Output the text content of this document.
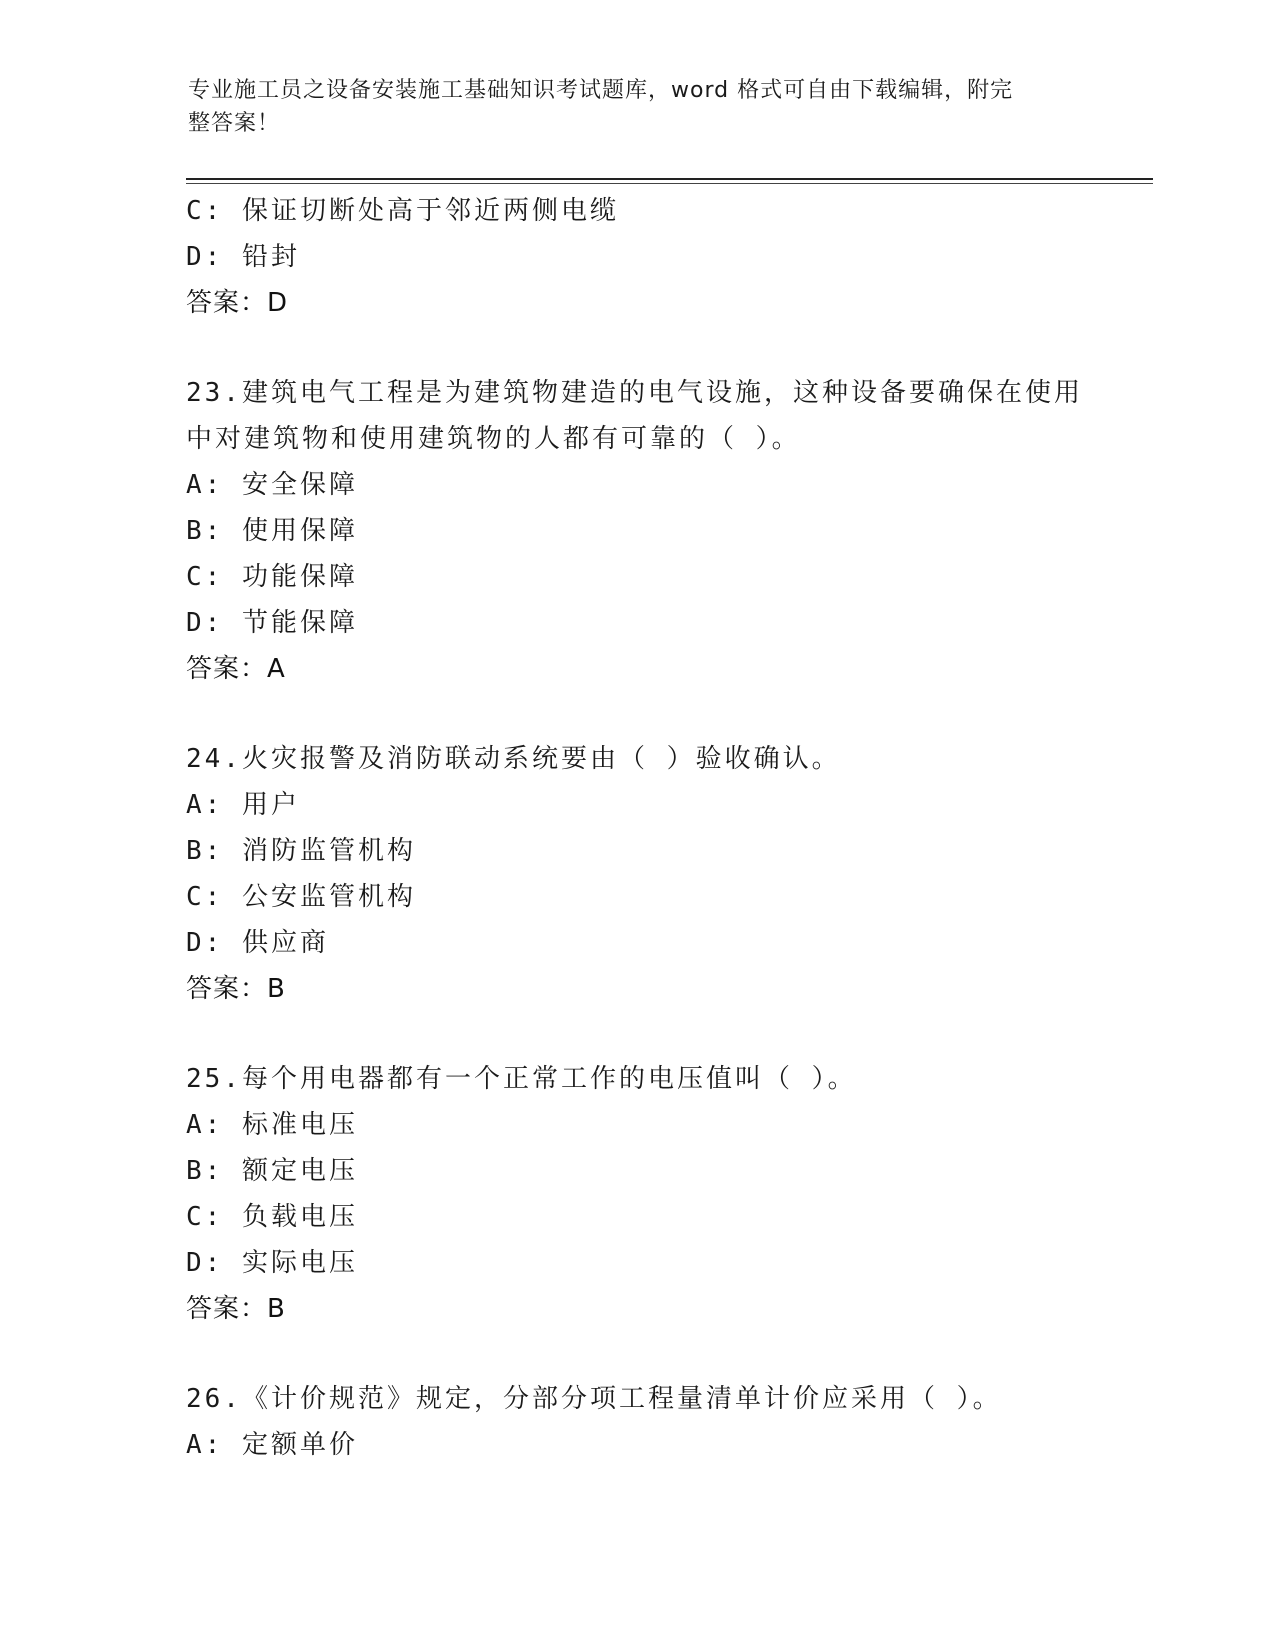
专业施工员之设备安装施工基础知识考试题库，word 格式可自由下载编辑，附完
整答案！
C: 保证切断处高于邻近两侧电缆
D: 铅封
答案：D
23.建筑电气工程是为建筑物建造的电气设施，这种设备要确保在使用
中对建筑物和使用建筑物的人都有可靠的（ ）。
A: 安全保障
B: 使用保障
C: 功能保障
D: 节能保障
答案：A
24.火灾报警及消防联动系统要由（ ）验收确认。
A: 用户
B: 消防监管机构
C: 公安监管机构
D: 供应商
答案：B
25.每个用电器都有一个正常工作的电压值叫（ ）。
A: 标准电压
B: 额定电压
C: 负载电压
D: 实际电压
答案：B
26.《计价规范》规定，分部分项工程量清单计价应采用（ ）。
A: 定额单价
